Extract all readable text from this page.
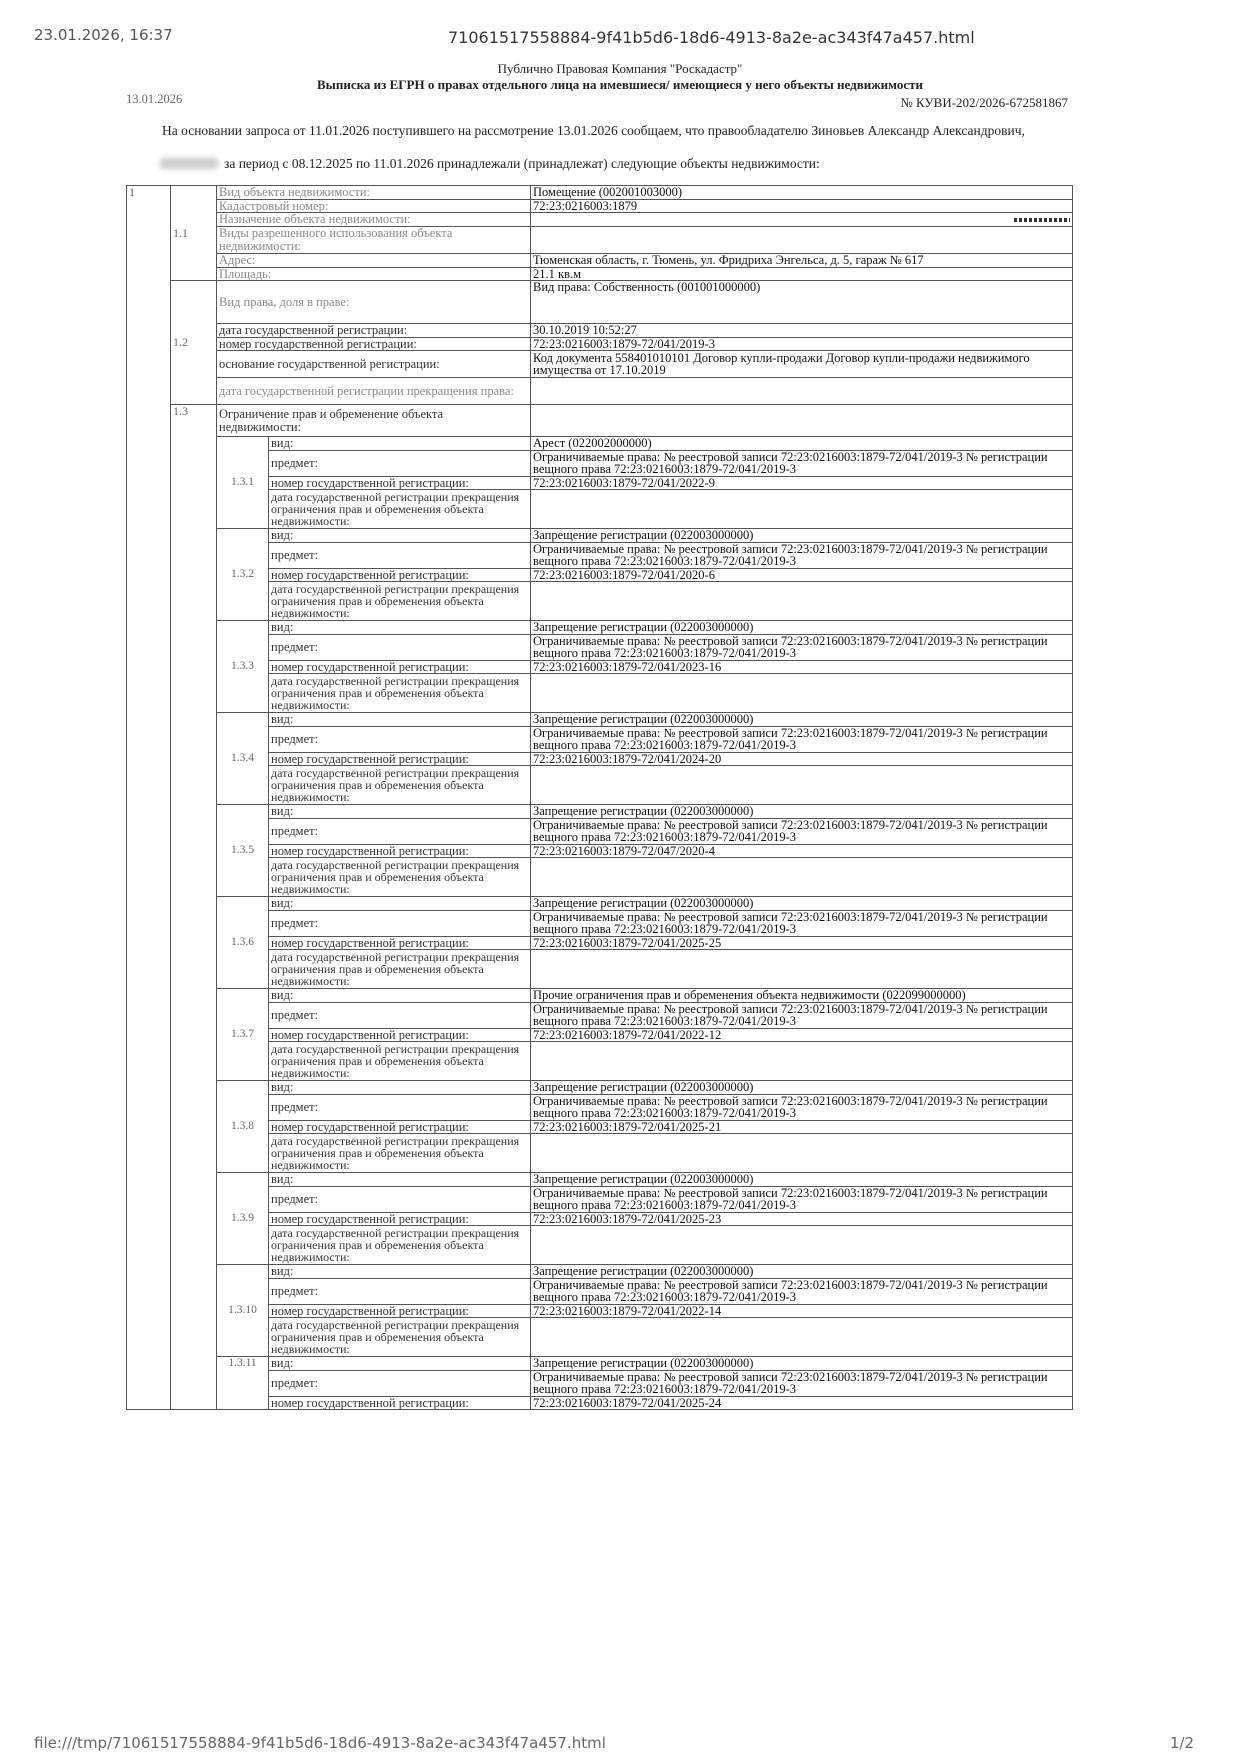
23.01.2026, 16:37	71061517558884-9f41b5d6-18d6-4913-8a2e-ac343f47a457.html
Публично Правовая Компания "Роскадастр"
Выписка из ЕГРН о правах отдельного лица на имевшиеся/ имеющиеся у него объекты недвижимости
13.01.2026	№ КУВИ-202/2026-672581867
На основании запроса от 11.01.2026 поступившего на рассмотрение 13.01.2026 сообщаем, что правообладателю Зиновьев Александр Александрович,
за период с 08.12.2025 по 11.01.2026 принадлежали (принадлежат) следующие объекты недвижимости:
1	1.1	Вид объекта недвижимости:		Помещение (002001003000)
		Кадастровый номер:		72:23:0216003:1879
		Назначение объекта недвижимости:		

		Виды разрешенного использования объекта недвижимости:		
		Адрес:		Тюменская область, г. Тюмень, ул. Фридриха Энгельса, д. 5, гараж № 617
		Площадь:		21.1 кв.м
	1.2	Вид права, доля в праве:		Вид права: Собственность (001001000000)
		дата государственной регистрации:		30.10.2019 10:52:27
		номер государственной регистрации:		72:23:0216003:1879-72/041/2019-3
		основание государственной регистрации:		Код документа 558401010101 Договор купли-продажи Договор купли-продажи недвижимого имущества от 17.10.2019
		дата государственной регистрации прекращения права:		
	1.3	Ограничение прав и обременение объекта недвижимости:		
		1.3.1	вид:	Арест (022002000000)
			предмет:	Ограничиваемые права: № реестровой записи 72:23:0216003:1879-72/041/2019-3 № регистрации вещного права 72:23:0216003:1879-72/041/2019-3
			номер государственной регистрации:	72:23:0216003:1879-72/041/2022-9
			дата государственной регистрации прекращения ограничения прав и обременения объекта недвижимости:	
		1.3.2	вид:	Запрещение регистрации (022003000000)
			предмет:	Ограничиваемые права: № реестровой записи 72:23:0216003:1879-72/041/2019-3 № регистрации вещного права 72:23:0216003:1879-72/041/2019-3
			номер государственной регистрации:	72:23:0216003:1879-72/041/2020-6
			дата государственной регистрации прекращения ограничения прав и обременения объекта недвижимости:	
		1.3.3	вид:	Запрещение регистрации (022003000000)
			предмет:	Ограничиваемые права: № реестровой записи 72:23:0216003:1879-72/041/2019-3 № регистрации вещного права 72:23:0216003:1879-72/041/2019-3
			номер государственной регистрации:	72:23:0216003:1879-72/041/2023-16
			дата государственной регистрации прекращения ограничения прав и обременения объекта недвижимости:	
		1.3.4	вид:	Запрещение регистрации (022003000000)
			предмет:	Ограничиваемые права: № реестровой записи 72:23:0216003:1879-72/041/2019-3 № регистрации вещного права 72:23:0216003:1879-72/041/2019-3
			номер государственной регистрации:	72:23:0216003:1879-72/041/2024-20
			дата государственной регистрации прекращения ограничения прав и обременения объекта недвижимости:	
		1.3.5	вид:	Запрещение регистрации (022003000000)
			предмет:	Ограничиваемые права: № реестровой записи 72:23:0216003:1879-72/041/2019-3 № регистрации вещного права 72:23:0216003:1879-72/041/2019-3
			номер государственной регистрации:	72:23:0216003:1879-72/047/2020-4
			дата государственной регистрации прекращения ограничения прав и обременения объекта недвижимости:	
		1.3.6	вид:	Запрещение регистрации (022003000000)
			предмет:	Ограничиваемые права: № реестровой записи 72:23:0216003:1879-72/041/2019-3 № регистрации вещного права 72:23:0216003:1879-72/041/2019-3
			номер государственной регистрации:	72:23:0216003:1879-72/041/2025-25
			дата государственной регистрации прекращения ограничения прав и обременения объекта недвижимости:	
		1.3.7	вид:	Прочие ограничения прав и обременения объекта недвижимости (022099000000)
			предмет:	Ограничиваемые права: № реестровой записи 72:23:0216003:1879-72/041/2019-3 № регистрации вещного права 72:23:0216003:1879-72/041/2019-3
			номер государственной регистрации:	72:23:0216003:1879-72/041/2022-12
			дата государственной регистрации прекращения ограничения прав и обременения объекта недвижимости:	
		1.3.8	вид:	Запрещение регистрации (022003000000)
			предмет:	Ограничиваемые права: № реестровой записи 72:23:0216003:1879-72/041/2019-3 № регистрации вещного права 72:23:0216003:1879-72/041/2019-3
			номер государственной регистрации:	72:23:0216003:1879-72/041/2025-21
			дата государственной регистрации прекращения ограничения прав и обременения объекта недвижимости:	
		1.3.9	вид:	Запрещение регистрации (022003000000)
			предмет:	Ограничиваемые права: № реестровой записи 72:23:0216003:1879-72/041/2019-3 № регистрации вещного права 72:23:0216003:1879-72/041/2019-3
			номер государственной регистрации:	72:23:0216003:1879-72/041/2025-23
			дата государственной регистрации прекращения ограничения прав и обременения объекта недвижимости:	
		1.3.10	вид:	Запрещение регистрации (022003000000)
			предмет:	Ограничиваемые права: № реестровой записи 72:23:0216003:1879-72/041/2019-3 № регистрации вещного права 72:23:0216003:1879-72/041/2019-3
			номер государственной регистрации:	72:23:0216003:1879-72/041/2022-14
			дата государственной регистрации прекращения ограничения прав и обременения объекта недвижимости:	
		1.3.11	вид:	Запрещение регистрации (022003000000)
			предмет:	Ограничиваемые права: № реестровой записи 72:23:0216003:1879-72/041/2019-3 № регистрации вещного права 72:23:0216003:1879-72/041/2019-3
			номер государственной регистрации:	72:23:0216003:1879-72/041/2025-24
file:///tmp/71061517558884-9f41b5d6-18d6-4913-8a2e-ac343f47a457.html	1/2
